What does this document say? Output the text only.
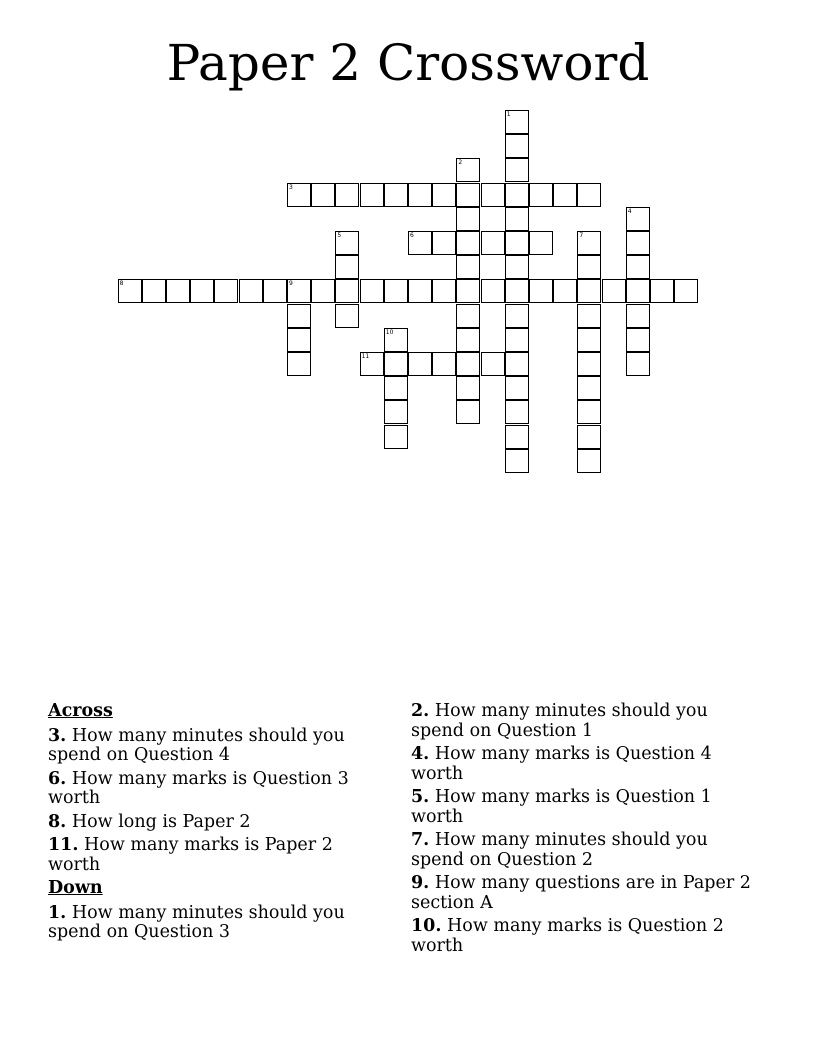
Paper 2 Crossword
1
2
3
4
5	6	7
8	9
10
11
Across
3. How many minutes should you spend on Question 4
6. How many marks is Question 3 worth
8. How long is Paper 2
11. How many marks is Paper 2 worth
Down
1. How many minutes should you spend on Question 3
2. How many minutes should you spend on Question 1
4. How many marks is Question 4 worth
5. How many marks is Question 1 worth
7. How many minutes should you spend on Question 2
9. How many questions are in Paper 2 section A
10. How many marks is Question 2 worth
